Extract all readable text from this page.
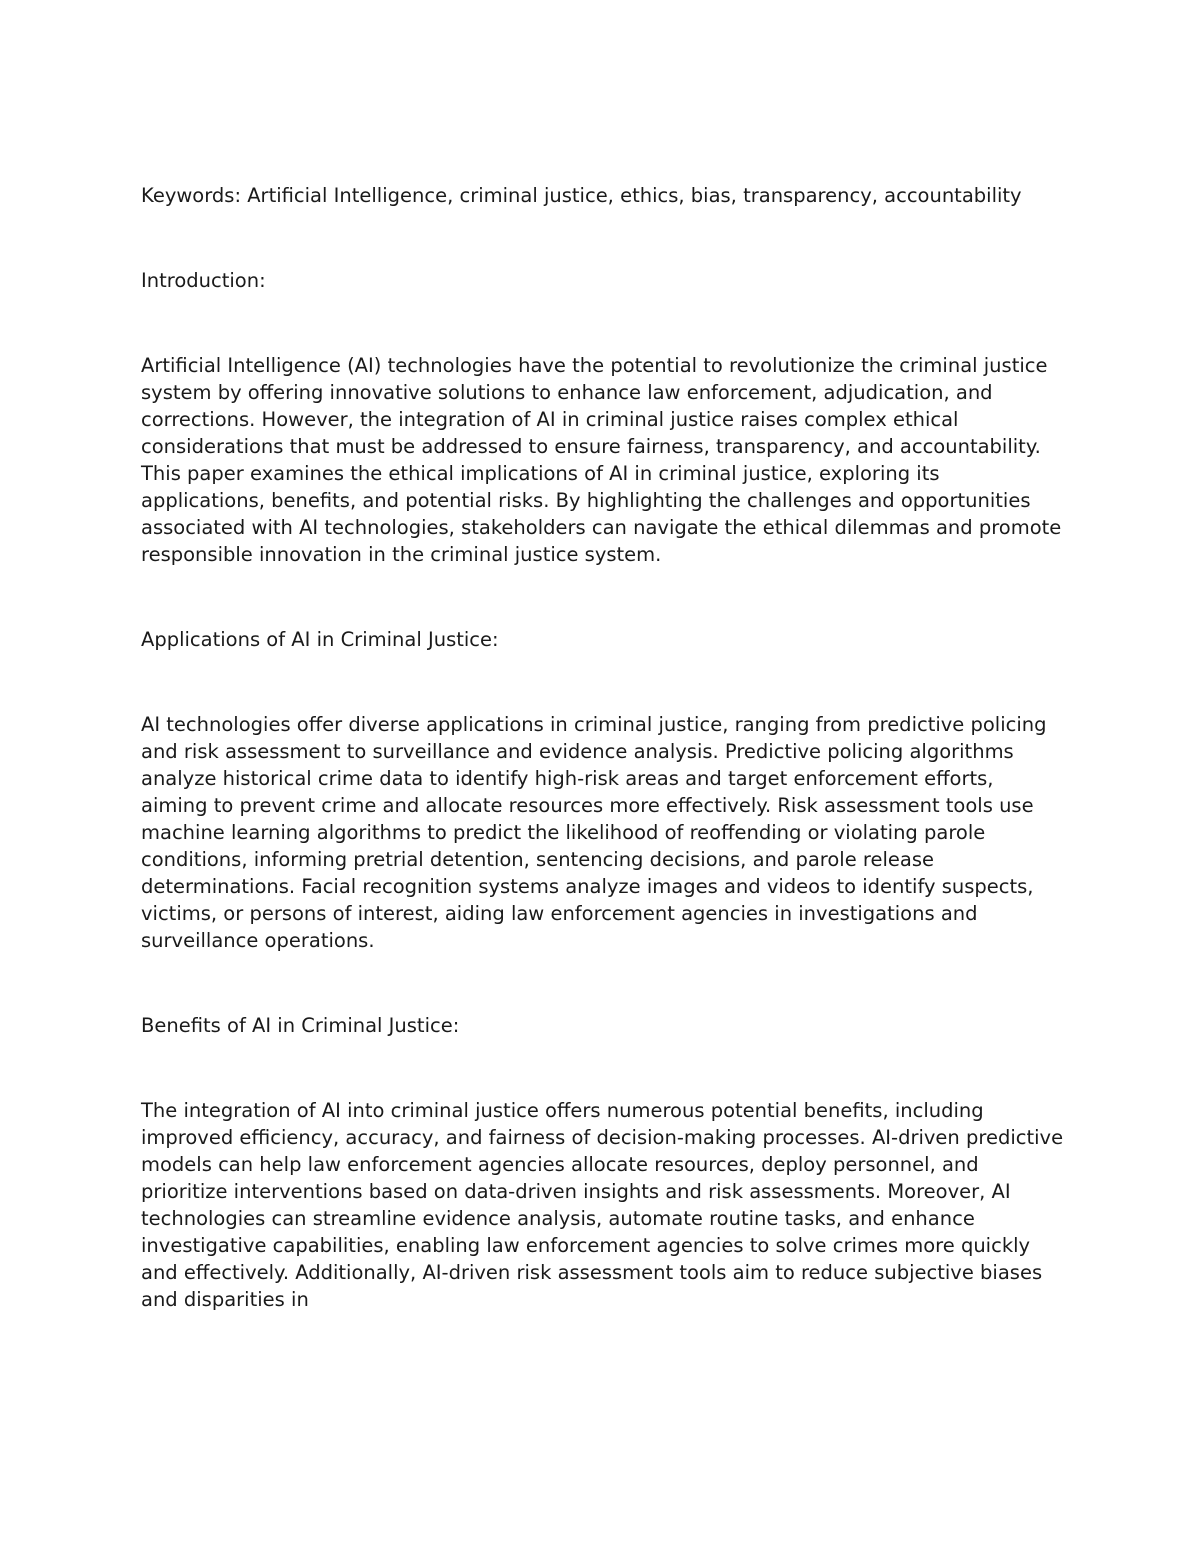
Keywords: Artificial Intelligence, criminal justice, ethics, bias, transparency, accountability

Introduction:

Artificial Intelligence (AI) technologies have the potential to revolutionize the criminal justice system by offering innovative solutions to enhance law enforcement, adjudication, and corrections. However, the integration of AI in criminal justice raises complex ethical considerations that must be addressed to ensure fairness, transparency, and accountability. This paper examines the ethical implications of AI in criminal justice, exploring its applications, benefits, and potential risks. By highlighting the challenges and opportunities associated with AI technologies, stakeholders can navigate the ethical dilemmas and promote responsible innovation in the criminal justice system.

Applications of AI in Criminal Justice:

AI technologies offer diverse applications in criminal justice, ranging from predictive policing and risk assessment to surveillance and evidence analysis. Predictive policing algorithms analyze historical crime data to identify high-risk areas and target enforcement efforts, aiming to prevent crime and allocate resources more effectively. Risk assessment tools use machine learning algorithms to predict the likelihood of reoffending or violating parole conditions, informing pretrial detention, sentencing decisions, and parole release determinations. Facial recognition systems analyze images and videos to identify suspects, victims, or persons of interest, aiding law enforcement agencies in investigations and surveillance operations.

Benefits of AI in Criminal Justice:

The integration of AI into criminal justice offers numerous potential benefits, including improved efficiency, accuracy, and fairness of decision-making processes. AI-driven predictive models can help law enforcement agencies allocate resources, deploy personnel, and prioritize interventions based on data-driven insights and risk assessments. Moreover, AI technologies can streamline evidence analysis, automate routine tasks, and enhance investigative capabilities, enabling law enforcement agencies to solve crimes more quickly and effectively. Additionally, AI-driven risk assessment tools aim to reduce subjective biases and disparities in
